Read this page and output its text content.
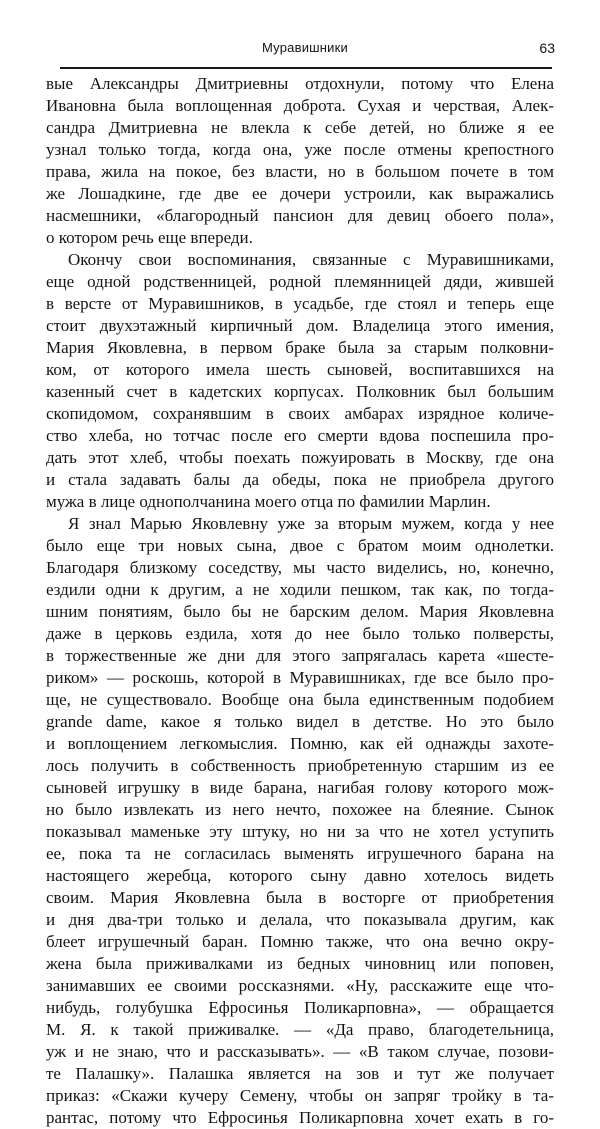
Муравишники	63
вые Александры Дмитриевны отдохнули, потому что Елена
Ивановна была воплощенная доброта. Сухая и черствая, Алек-
сандра Дмитриевна не влекла к себе детей, но ближе я ее
узнал только тогда, когда она, уже после отмены крепостного
права, жила на покое, без власти, но в большом почете в том
же Лошадкине, где две ее дочери устроили, как выражались
насмешники, «благородный пансион для девиц обоего пола»,
о котором речь еще впереди.
Окончу свои воспоминания, связанные с Муравишниками,
еще одной родственницей, родной племянницей дяди, жившей
в версте от Муравишников, в усадьбе, где стоял и теперь еще
стоит двухэтажный кирпичный дом. Владелица этого имения,
Мария Яковлевна, в первом браке была за старым полковни-
ком, от которого имела шесть сыновей, воспитавшихся на
казенный счет в кадетских корпусах. Полковник был большим
скопидомом, сохранявшим в своих амбарах изрядное количе-
ство хлеба, но тотчас после его смерти вдова поспешила про-
дать этот хлеб, чтобы поехать пожуировать в Москву, где она
и стала задавать балы да обеды, пока не приобрела другого
мужа в лице однополчанина моего отца по фамилии Марлин.
Я знал Марью Яковлевну уже за вторым мужем, когда у нее
было еще три новых сына, двое с братом моим однолетки.
Благодаря близкому соседству, мы часто виделись, но, конечно,
ездили одни к другим, а не ходили пешком, так как, по тогда-
шним понятиям, было бы не барским делом. Мария Яковлевна
даже в церковь ездила, хотя до нее было только полверсты,
в торжественные же дни для этого запрягалась карета «шесте-
риком» — роскошь, которой в Муравишниках, где все было про-
ще, не существовало. Вообще она была единственным подобием
grande dame, какое я только видел в детстве. Но это было
и воплощением легкомыслия. Помню, как ей однажды захоте-
лось получить в собственность приобретенную старшим из ее
сыновей игрушку в виде барана, нагибая голову которого мож-
но было извлекать из него нечто, похожее на блеяние. Сынок
показывал маменьке эту штуку, но ни за что не хотел уступить
ее, пока та не согласилась выменять игрушечного барана на
настоящего жеребца, которого сыну давно хотелось видеть
своим. Мария Яковлевна была в восторге от приобретения
и дня два-три только и делала, что показывала другим, как
блеет игрушечный баран. Помню также, что она вечно окру-
жена была приживалками из бедных чиновниц или поповен,
занимавших ее своими россказнями. «Ну, расскажите еще что-
нибудь, голубушка Ефросинья Поликарповна», — обращается
М. Я. к такой приживалке. — «Да право, благодетельница,
уж и не знаю, что и рассказывать». — «В таком случае, позови-
те Палашку». Палашка является на зов и тут же получает
приказ: «Скажи кучеру Семену, чтобы он запряг тройку в та-
рантас, потому что Ефросинья Поликарповна хочет ехать в го-
